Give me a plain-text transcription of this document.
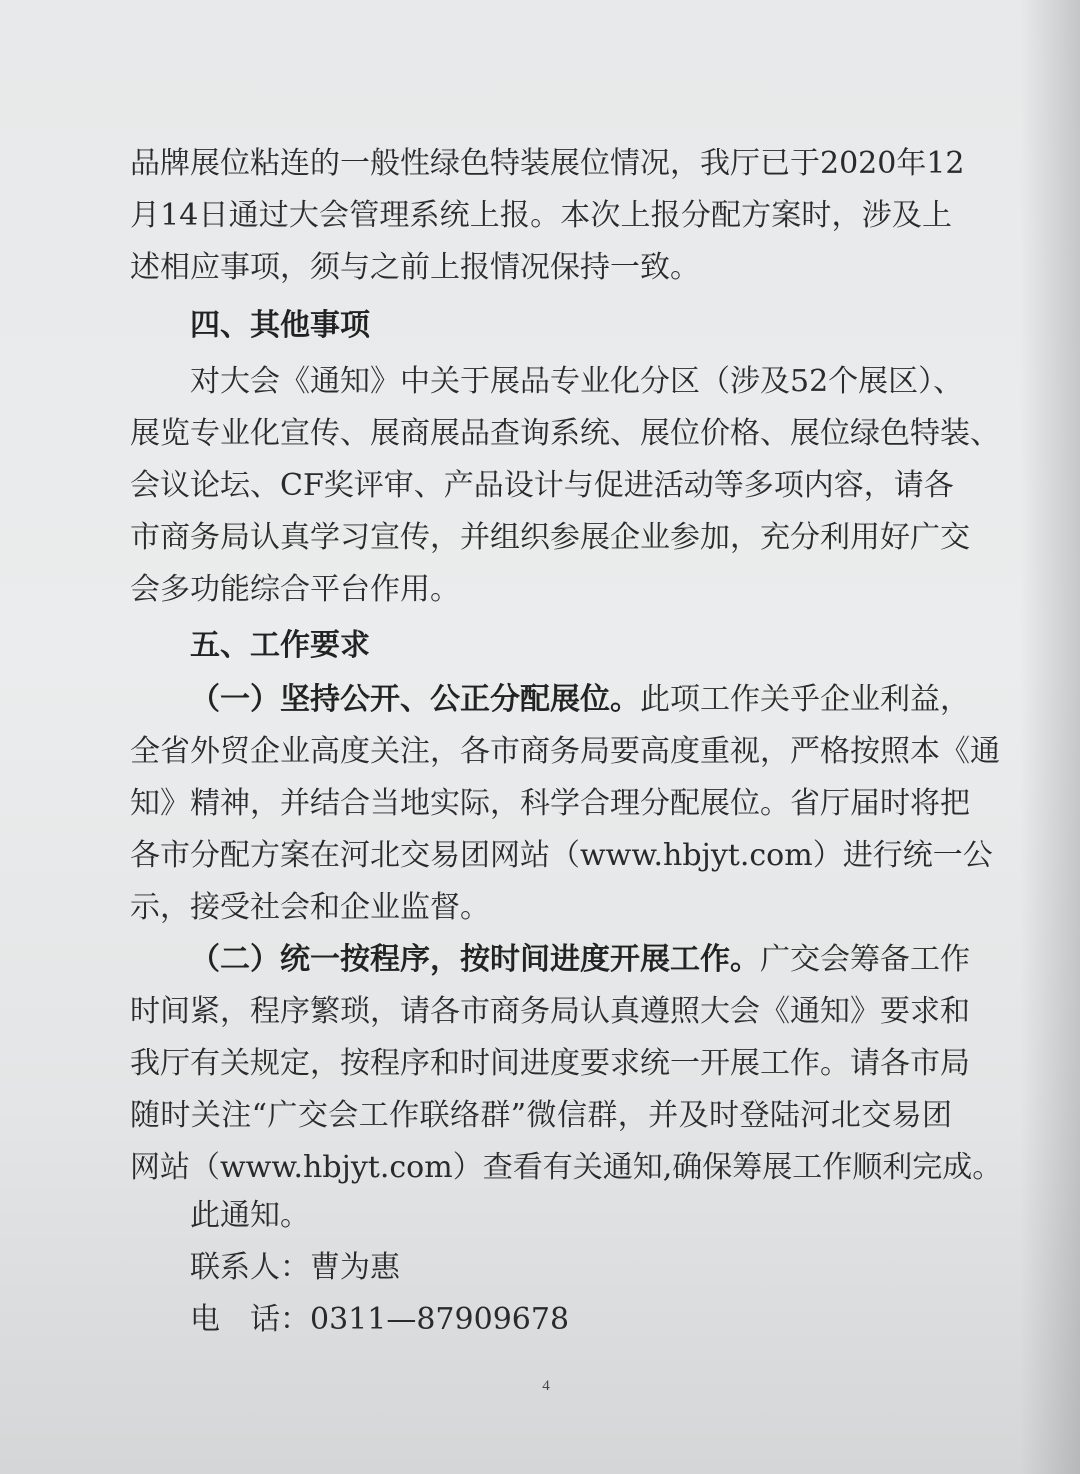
品牌展位粘连的一般性绿色特装展位情况，我厅已于2020年12
月14日通过大会管理系统上报。本次上报分配方案时，涉及上
述相应事项，须与之前上报情况保持一致。
四、其他事项
对大会《通知》中关于展品专业化分区（涉及52个展区）、
展览专业化宣传、展商展品查询系统、展位价格、展位绿色特装、
会议论坛、CF奖评审、产品设计与促进活动等多项内容，请各
市商务局认真学习宣传，并组织参展企业参加，充分利用好广交
会多功能综合平台作用。
五、工作要求
（一）坚持公开、公正分配展位。此项工作关乎企业利益，
全省外贸企业高度关注，各市商务局要高度重视，严格按照本《通
知》精神，并结合当地实际，科学合理分配展位。省厅届时将把
各市分配方案在河北交易团网站（www.hbjyt.com）进行统一公
示，接受社会和企业监督。
（二）统一按程序，按时间进度开展工作。广交会筹备工作
时间紧，程序繁琐，请各市商务局认真遵照大会《通知》要求和
我厅有关规定，按程序和时间进度要求统一开展工作。请各市局
随时关注“广交会工作联络群”微信群，并及时登陆河北交易团
网站（www.hbjyt.com）查看有关通知,确保筹展工作顺利完成。
此通知。
联系人：曹为惠
电　话：0311—87909678
4
